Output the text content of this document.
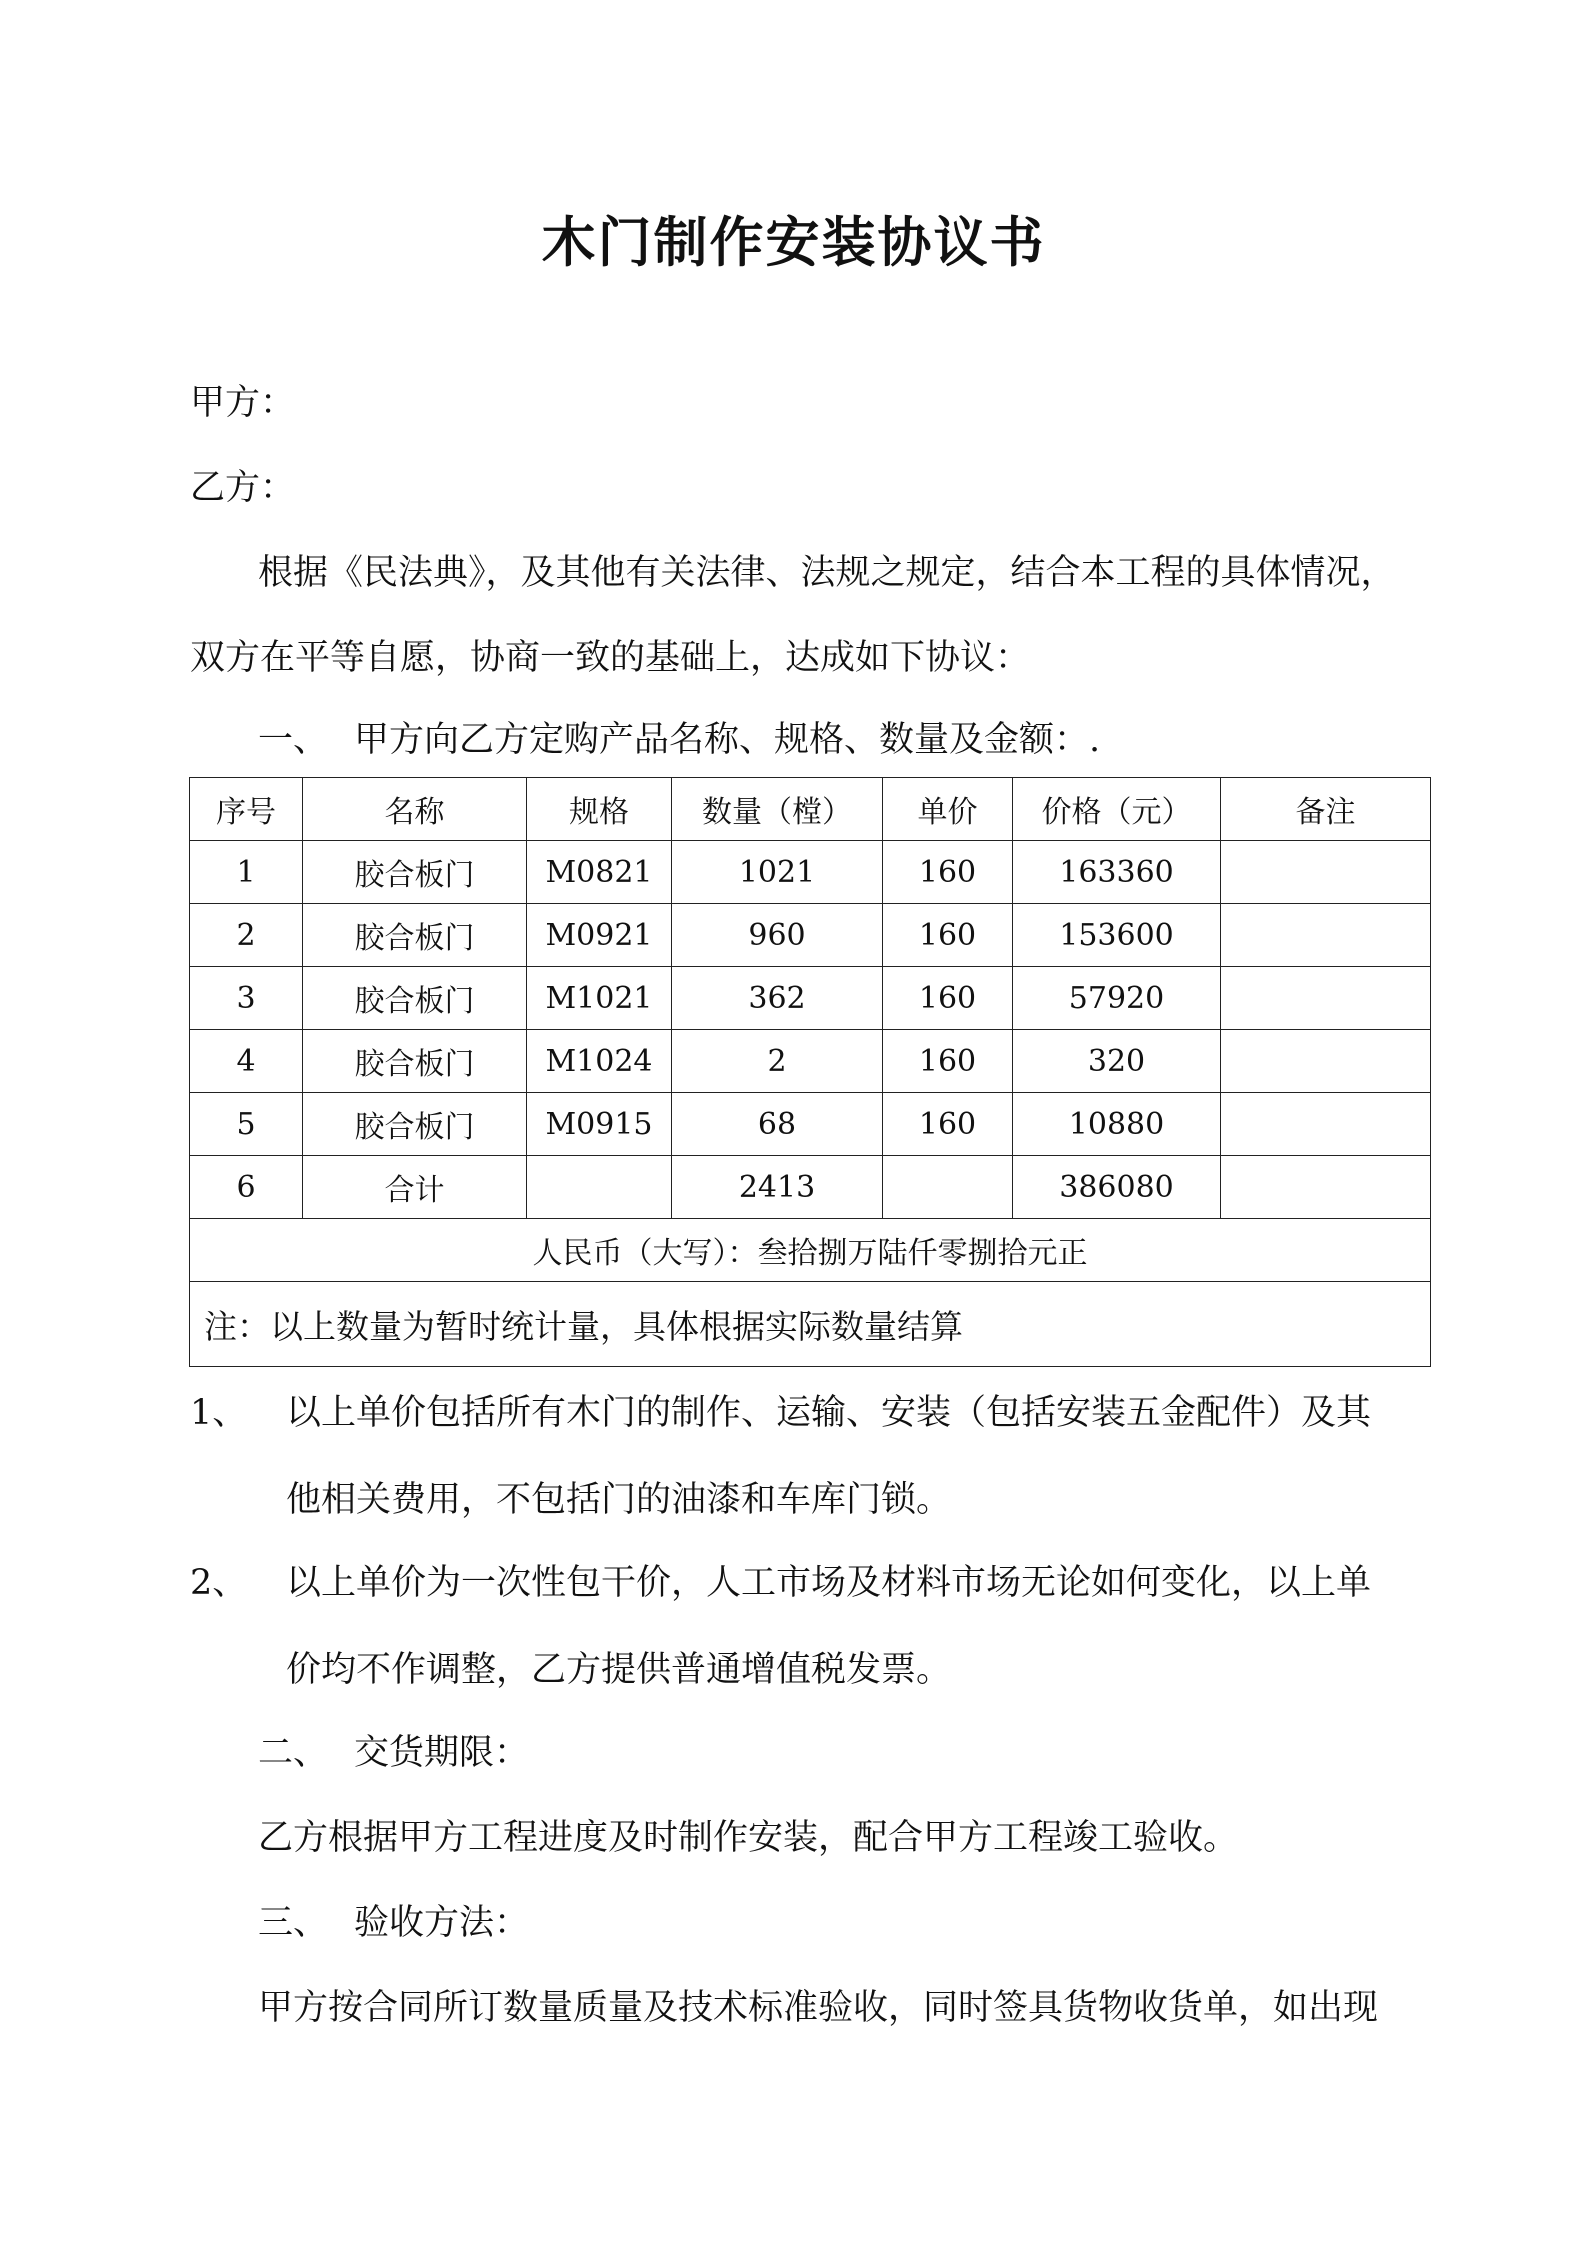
木门制作安装协议书

甲方：

乙方：

根据《民法典》，及其他有关法律、法规之规定，结合本工程的具体情况，

双方在平等自愿，协商一致的基础上，达成如下协议：

一、 甲方向乙方定购产品名称、规格、数量及金额：.

序号	名称	规格	数量（樘）	单价	价格（元）	备注
1	胶合板门	M0821	1021	160	163360	
2	胶合板门	M0921	960	160	153600	
3	胶合板门	M1021	362	160	57920	
4	胶合板门	M1024	2	160	320	
5	胶合板门	M0915	68	160	10880	
6	合计		2413		386080	
人民币（大写）：叁拾捌万陆仟零捌拾元正						
注：以上数量为暂时统计量，具体根据实际数量结算						
1、 以上单价包括所有木门的制作、运输、安装（包括安装五金配件）及其

他相关费用，不包括门的油漆和车库门锁。

2、 以上单价为一次性包干价，人工市场及材料市场无论如何变化，以上单

价均不作调整，乙方提供普通增值税发票。

二、 交货期限：

乙方根据甲方工程进度及时制作安装，配合甲方工程竣工验收。

三、 验收方法：

甲方按合同所订数量质量及技术标准验收，同时签具货物收货单，如出现
